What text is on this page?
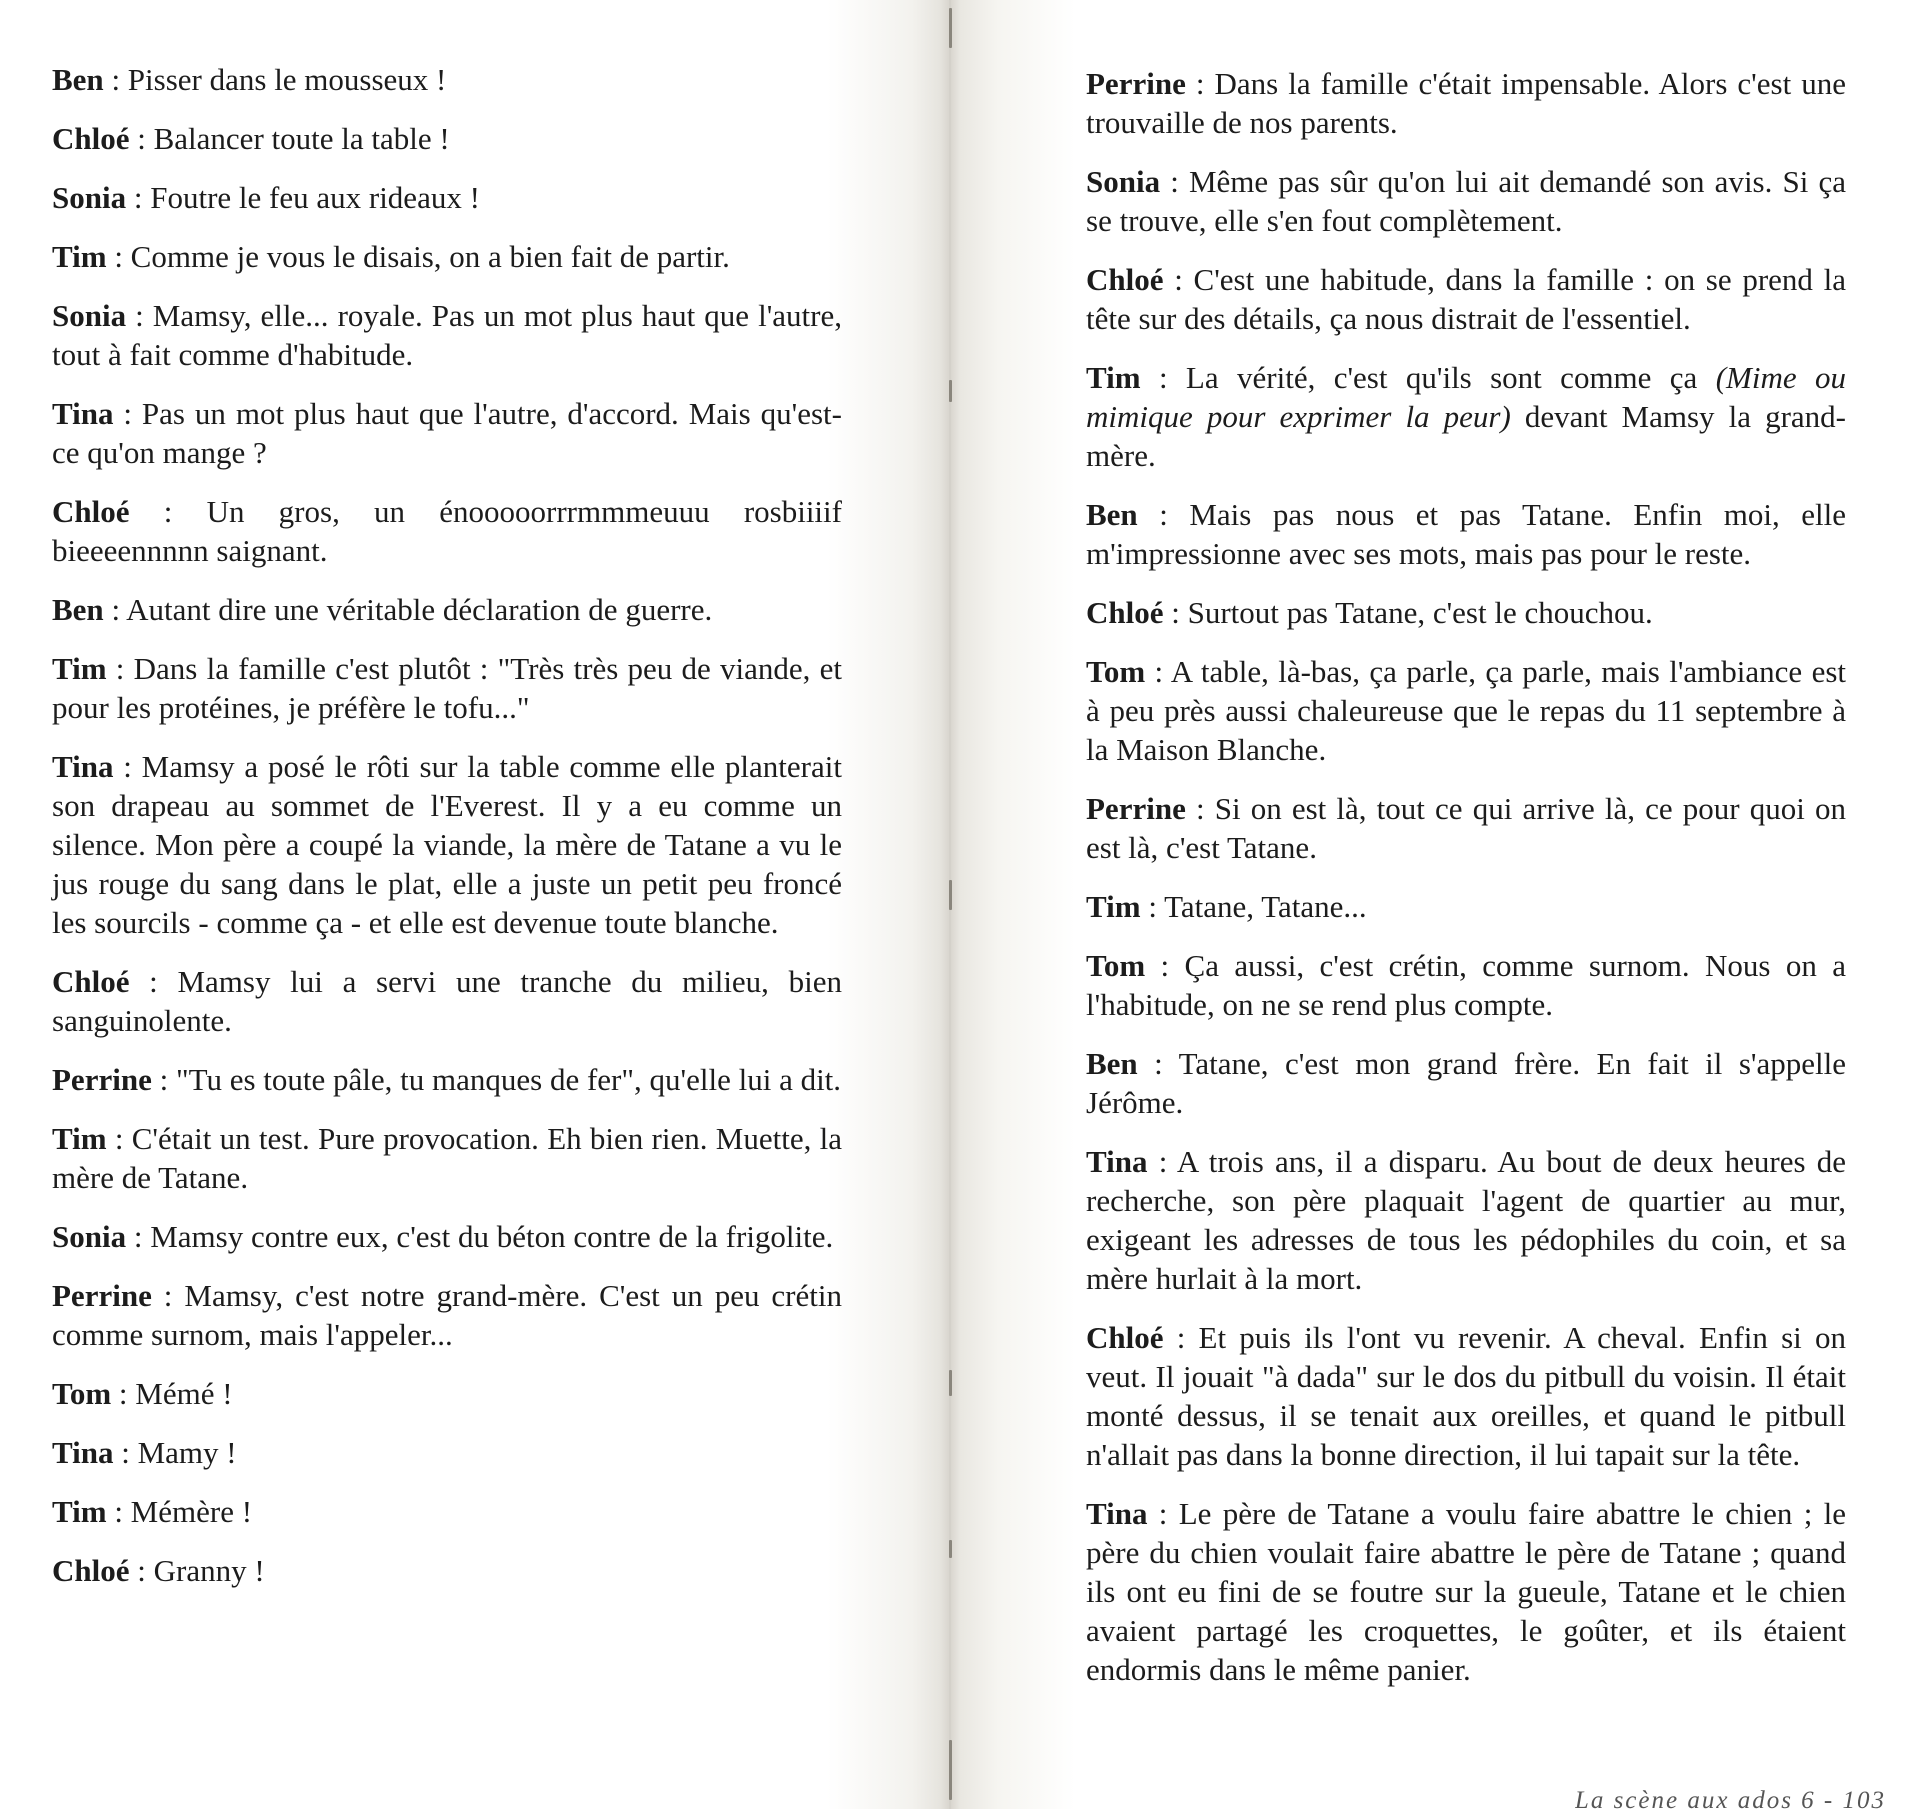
Ben : Pisser dans le mousseux !

Chloé : Balancer toute la table !

Sonia : Foutre le feu aux rideaux !

Tim : Comme je vous le disais, on a bien fait de partir.

Sonia : Mamsy, elle... royale. Pas un mot plus haut que l'autre, tout à fait comme d'habitude.

Tina : Pas un mot plus haut que l'autre, d'accord. Mais qu'est-ce qu'on mange ?

Chloé : Un gros, un énooooorrrmmmeuuu rosbiiiif bieeeennnnn saignant.

Ben : Autant dire une véritable déclaration de guerre.

Tim : Dans la famille c'est plutôt : "Très très peu de viande, et pour les protéines, je préfère le tofu..."

Tina : Mamsy a posé le rôti sur la table comme elle planterait son drapeau au sommet de l'Everest. Il y a eu comme un silence. Mon père a coupé la viande, la mère de Tatane a vu le jus rouge du sang dans le plat, elle a juste un petit peu froncé les sourcils - comme ça - et elle est devenue toute blanche.

Chloé : Mamsy lui a servi une tranche du milieu, bien sanguinolente.

Perrine : "Tu es toute pâle, tu manques de fer", qu'elle lui a dit.

Tim : C'était un test. Pure provocation. Eh bien rien. Muette, la mère de Tatane.

Sonia : Mamsy contre eux, c'est du béton contre de la frigolite.

Perrine : Mamsy, c'est notre grand-mère. C'est un peu crétin comme surnom, mais l'appeler...

Tom : Mémé !

Tina : Mamy !

Tim : Mémère !

Chloé : Granny !

Perrine : Dans la famille c'était impensable. Alors c'est une trouvaille de nos parents.

Sonia : Même pas sûr qu'on lui ait demandé son avis. Si ça se trouve, elle s'en fout complètement.

Chloé : C'est une habitude, dans la famille : on se prend la tête sur des détails, ça nous distrait de l'essentiel.

Tim : La vérité, c'est qu'ils sont comme ça (Mime ou mimique pour exprimer la peur) devant Mamsy la grand-mère.

Ben : Mais pas nous et pas Tatane. Enfin moi, elle m'impressionne avec ses mots, mais pas pour le reste.

Chloé : Surtout pas Tatane, c'est le chouchou.

Tom : A table, là-bas, ça parle, ça parle, mais l'ambiance est à peu près aussi chaleureuse que le repas du 11 septembre à la Maison Blanche.

Perrine : Si on est là, tout ce qui arrive là, ce pour quoi on est là, c'est Tatane.

Tim : Tatane, Tatane...

Tom : Ça aussi, c'est crétin, comme surnom. Nous on a l'habitude, on ne se rend plus compte.

Ben : Tatane, c'est mon grand frère. En fait il s'appelle Jérôme.

Tina : A trois ans, il a disparu. Au bout de deux heures de recherche, son père plaquait l'agent de quartier au mur, exigeant les adresses de tous les pédophiles du coin, et sa mère hurlait à la mort.

Chloé : Et puis ils l'ont vu revenir. A cheval. Enfin si on veut. Il jouait "à dada" sur le dos du pitbull du voisin. Il était monté dessus, il se tenait aux oreilles, et quand le pitbull n'allait pas dans la bonne direction, il lui tapait sur la tête.

Tina : Le père de Tatane a voulu faire abattre le chien ; le père du chien voulait faire abattre le père de Tatane ; quand ils ont eu fini de se foutre sur la gueule, Tatane et le chien avaient partagé les croquettes, le goûter, et ils étaient endormis dans le même panier.

La scène aux ados 6 - 103
